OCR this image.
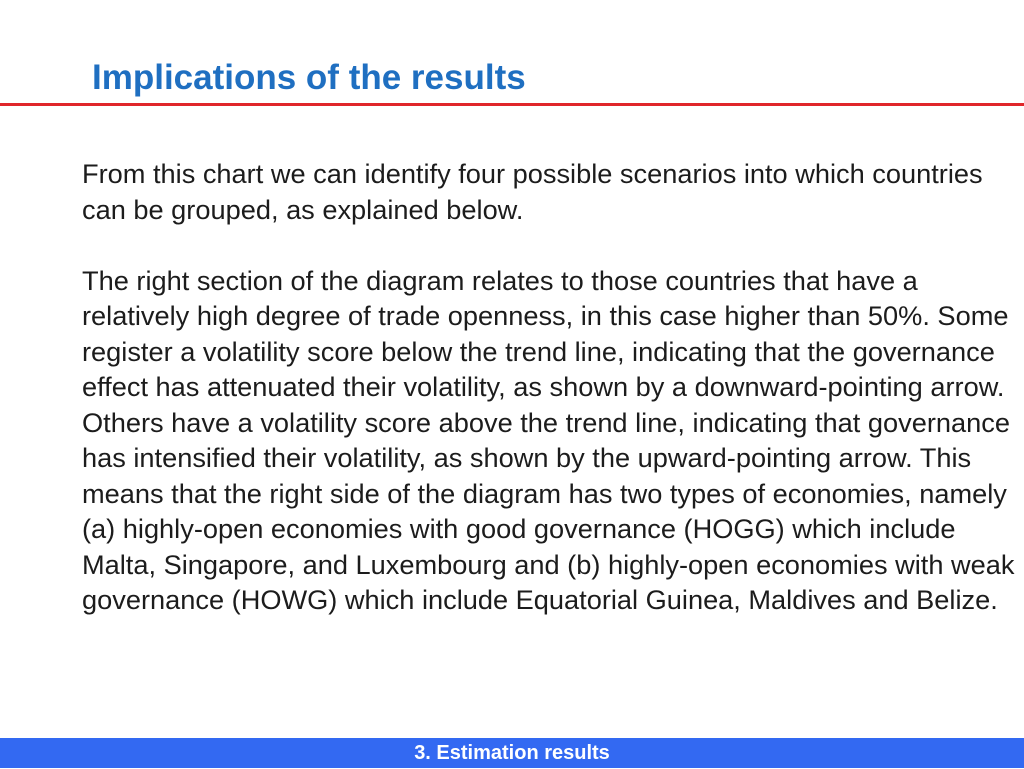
Implications of the results

From this chart we can identify four possible scenarios into which countries can be grouped, as explained below.

The right section of the diagram relates to those countries that have a relatively high degree of trade openness, in this case higher than 50%. Some register a volatility score below the trend line, indicating that the governance effect has attenuated their volatility, as shown by a downward-pointing arrow. Others have a volatility score above the trend line, indicating that governance has intensified their volatility, as shown by the upward-pointing arrow. This means that the right side of the diagram has two types of economies, namely (a) highly-open economies with good governance (HOGG) which include Malta, Singapore, and Luxembourg and (b) highly-open economies with weak governance (HOWG) which include Equatorial Guinea, Maldives and Belize.

3. Estimation results
